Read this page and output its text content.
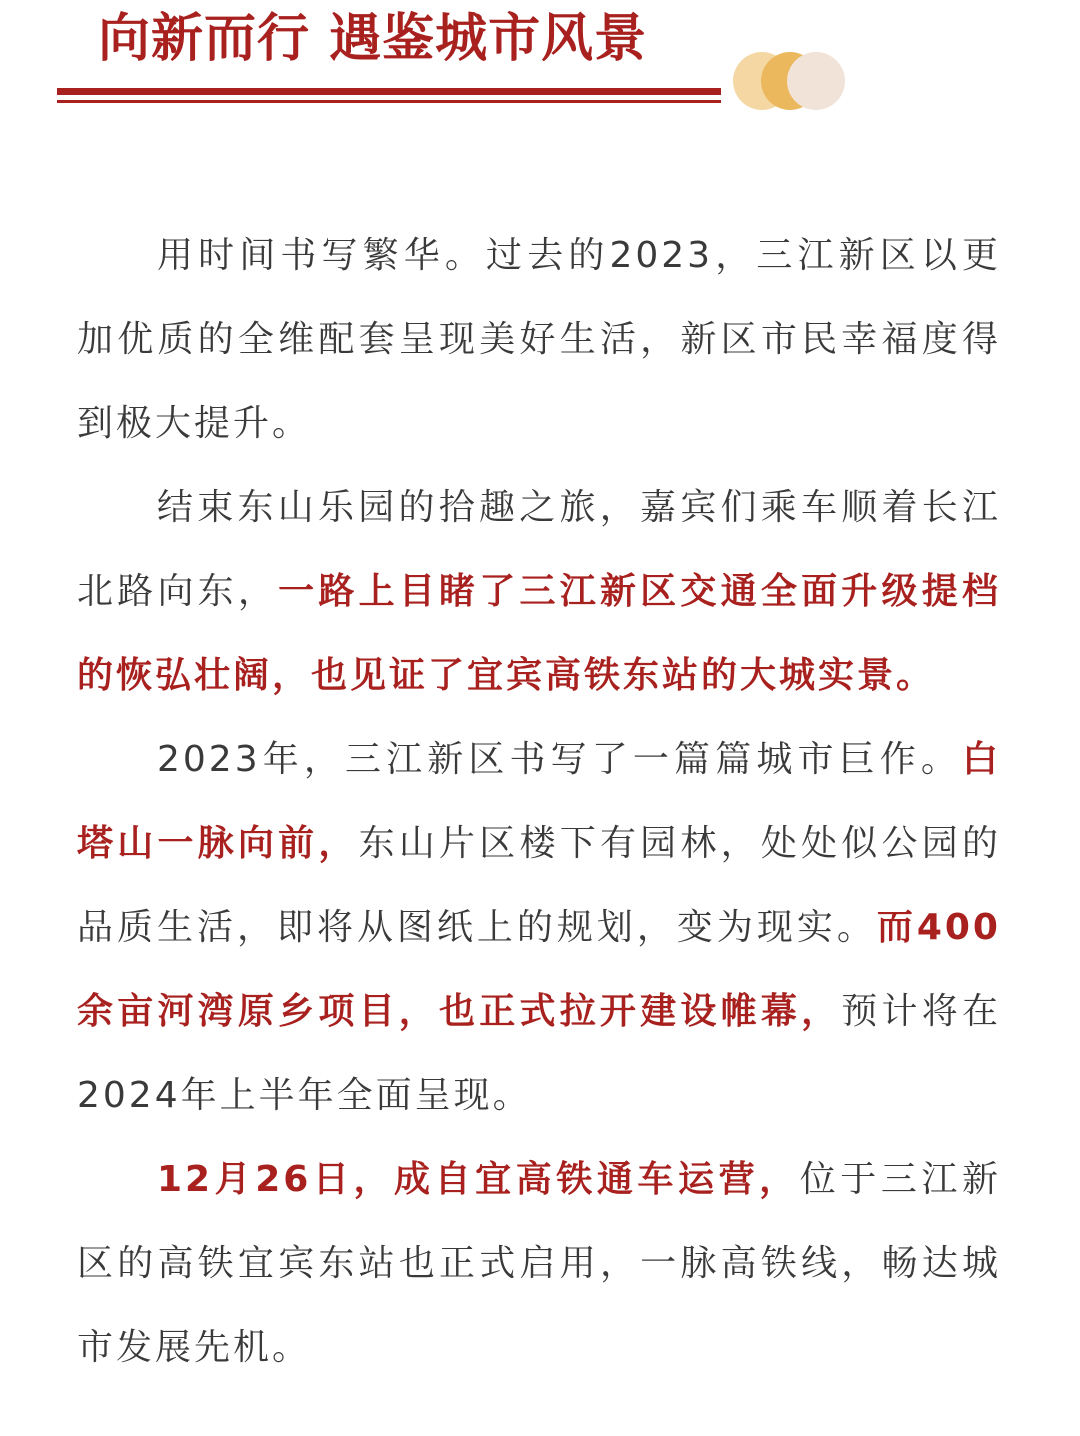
向新而行 遇鉴城市风景

用时间书写繁华。过去的2023，三江新区以更加优质的全维配套呈现美好生活，新区市民幸福度得到极大提升。

结束东山乐园的拾趣之旅，嘉宾们乘车顺着长江北路向东，一路上目睹了三江新区交通全面升级提档的恢弘壮阔，也见证了宜宾高铁东站的大城实景。

2023年，三江新区书写了一篇篇城市巨作。白塔山一脉向前，东山片区楼下有园林，处处似公园的品质生活，即将从图纸上的规划，变为现实。而400余亩河湾原乡项目，也正式拉开建设帷幕，预计将在2024年上半年全面呈现。

12月26日，成自宜高铁通车运营，位于三江新区的高铁宜宾东站也正式启用，一脉高铁线，畅达城市发展先机。
